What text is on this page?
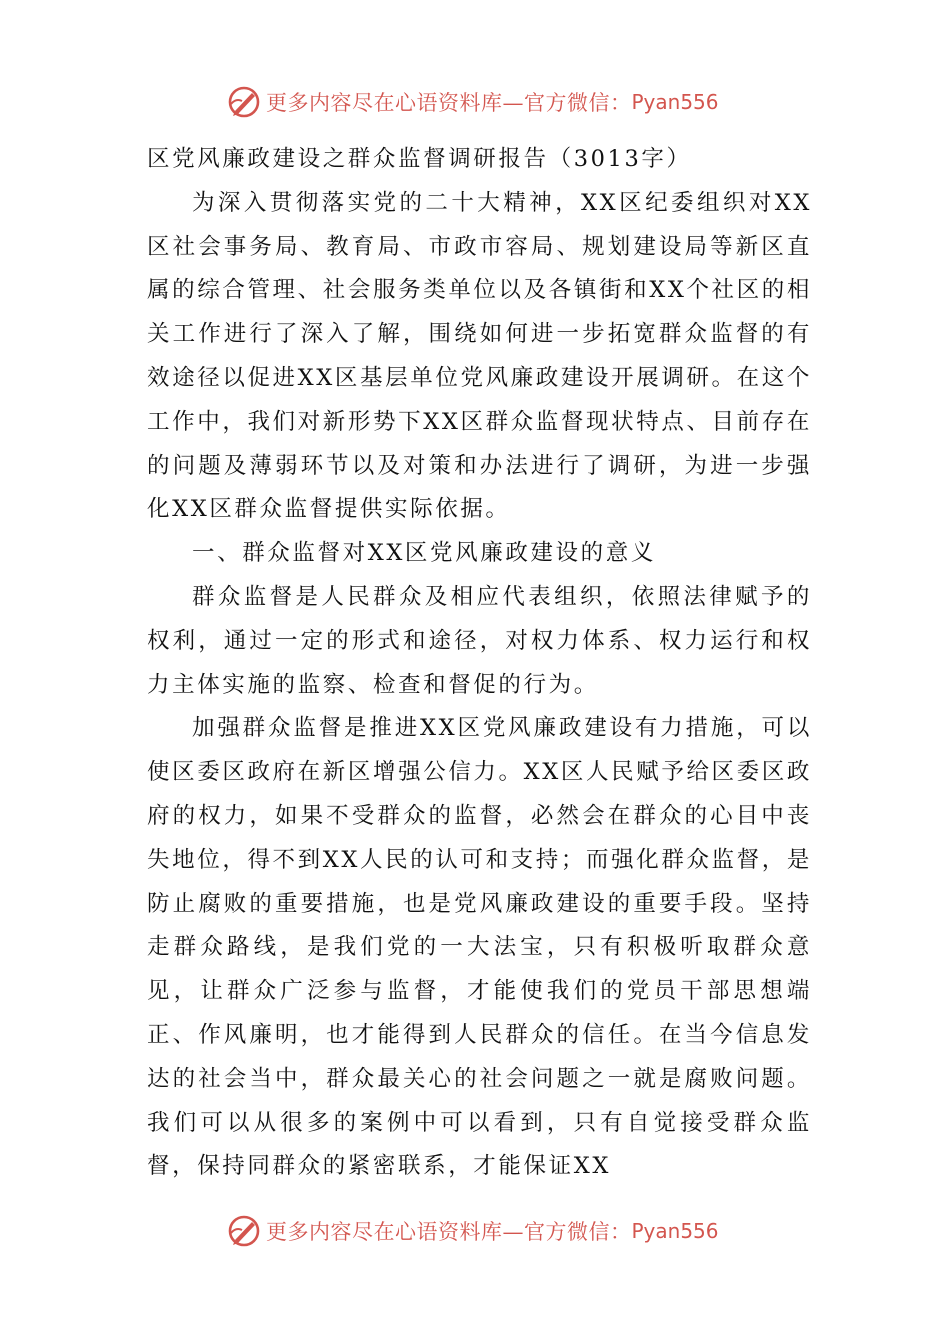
更多内容尽在心语资料库—官方微信： Pyan556
区党风廉政建设之群众监督调研报告（3013字）

为深入贯彻落实党的二十大精神，XX区纪委组织对XX区社会事务局、教育局、市政市容局、规划建设局等新区直属的综合管理、社会服务类单位以及各镇街和XX个社区的相关工作进行了深入了解，围绕如何进一步拓宽群众监督的有效途径以促进XX区基层单位党风廉政建设开展调研。在这个工作中，我们对新形势下XX区群众监督现状特点、目前存在的问题及薄弱环节以及对策和办法进行了调研，为进一步强化XX区群众监督提供实际依据。

一、群众监督对XX区党风廉政建设的意义

群众监督是人民群众及相应代表组织，依照法律赋予的权利，通过一定的形式和途径，对权力体系、权力运行和权力主体实施的监察、检查和督促的行为。

加强群众监督是推进XX区党风廉政建设有力措施，可以使区委区政府在新区增强公信力。XX区人民赋予给区委区政府的权力，如果不受群众的监督，必然会在群众的心目中丧失地位，得不到XX人民的认可和支持；而强化群众监督，是防止腐败的重要措施，也是党风廉政建设的重要手段。坚持走群众路线，是我们党的一大法宝，只有积极听取群众意见，让群众广泛参与监督，才能使我们的党员干部思想端正、作风廉明，也才能得到人民群众的信任。在当今信息发达的社会当中，群众最关心的社会问题之一就是腐败问题。我们可以从很多的案例中可以看到，只有自觉接受群众监督，保持同群众的紧密联系，才能保证XX

更多内容尽在心语资料库—官方微信： Pyan556
